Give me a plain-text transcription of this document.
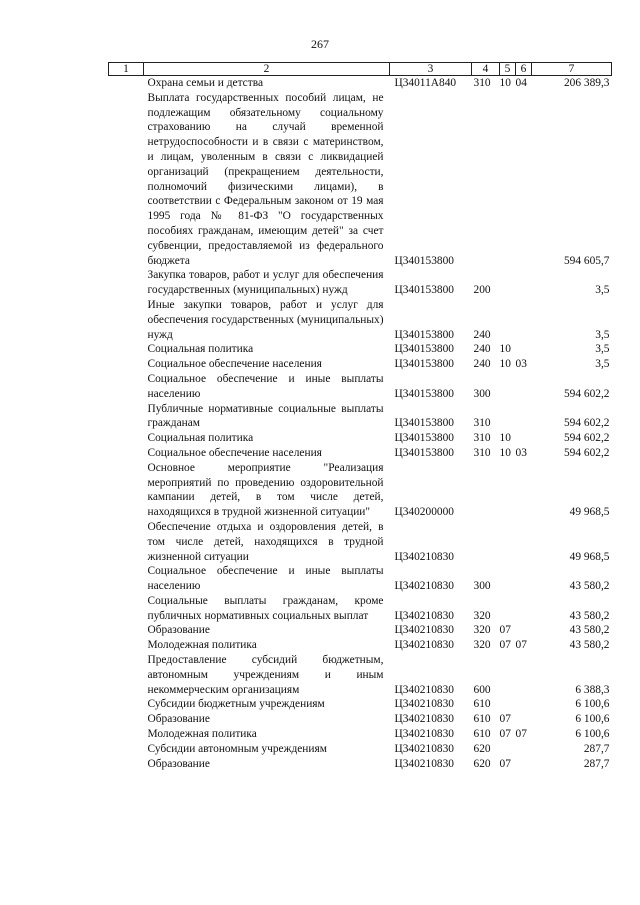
267
1	2	3	4	5	6	7
	Охрана семьи и детства	Ц34011А840	310	10	04	206 389,3
	Выплата государственных пособий лицам, не подлежащим обязательному социальному страхованию на случай временной нетрудоспособности и в связи с материнством, и лицам, уволенным в связи с ликвидацией организаций (прекращением деятельности, полномочий физическими лицами), в соответствии с Федеральным законом от 19 мая 1995 года № 81-ФЗ "О государственных пособиях гражданам, имеющим детей" за счет субвенции, предоставляемой из федерального бюджета	Ц340153800				594 605,7
	Закупка товаров, работ и услуг для обеспечения государственных (муниципальных) нужд	Ц340153800	200			3,5
	Иные закупки товаров, работ и услуг для обеспечения государственных (муниципальных) нужд	Ц340153800	240			3,5
	Социальная политика	Ц340153800	240	10		3,5
	Социальное обеспечение населения	Ц340153800	240	10	03	3,5
	Социальное обеспечение и иные выплаты населению	Ц340153800	300			594 602,2
	Публичные нормативные социальные выплаты гражданам	Ц340153800	310			594 602,2
	Социальная политика	Ц340153800	310	10		594 602,2
	Социальное обеспечение населения	Ц340153800	310	10	03	594 602,2
	Основное мероприятие "Реализация мероприятий по проведению оздоровительной кампании детей, в том числе детей, находящихся в трудной жизненной ситуации"	Ц340200000				49 968,5
	Обеспечение отдыха и оздоровления детей, в том числе детей, находящихся в трудной жизненной ситуации	Ц340210830				49 968,5
	Социальное обеспечение и иные выплаты населению	Ц340210830	300			43 580,2
	Социальные выплаты гражданам, кроме публичных нормативных социальных выплат	Ц340210830	320			43 580,2
	Образование	Ц340210830	320	07		43 580,2
	Молодежная политика	Ц340210830	320	07	07	43 580,2
	Предоставление субсидий бюджетным, автономным учреждениям и иным некоммерческим организациям	Ц340210830	600			6 388,3
	Субсидии бюджетным учреждениям	Ц340210830	610			6 100,6
	Образование	Ц340210830	610	07		6 100,6
	Молодежная политика	Ц340210830	610	07	07	6 100,6
	Субсидии автономным учреждениям	Ц340210830	620			287,7
	Образование	Ц340210830	620	07		287,7
